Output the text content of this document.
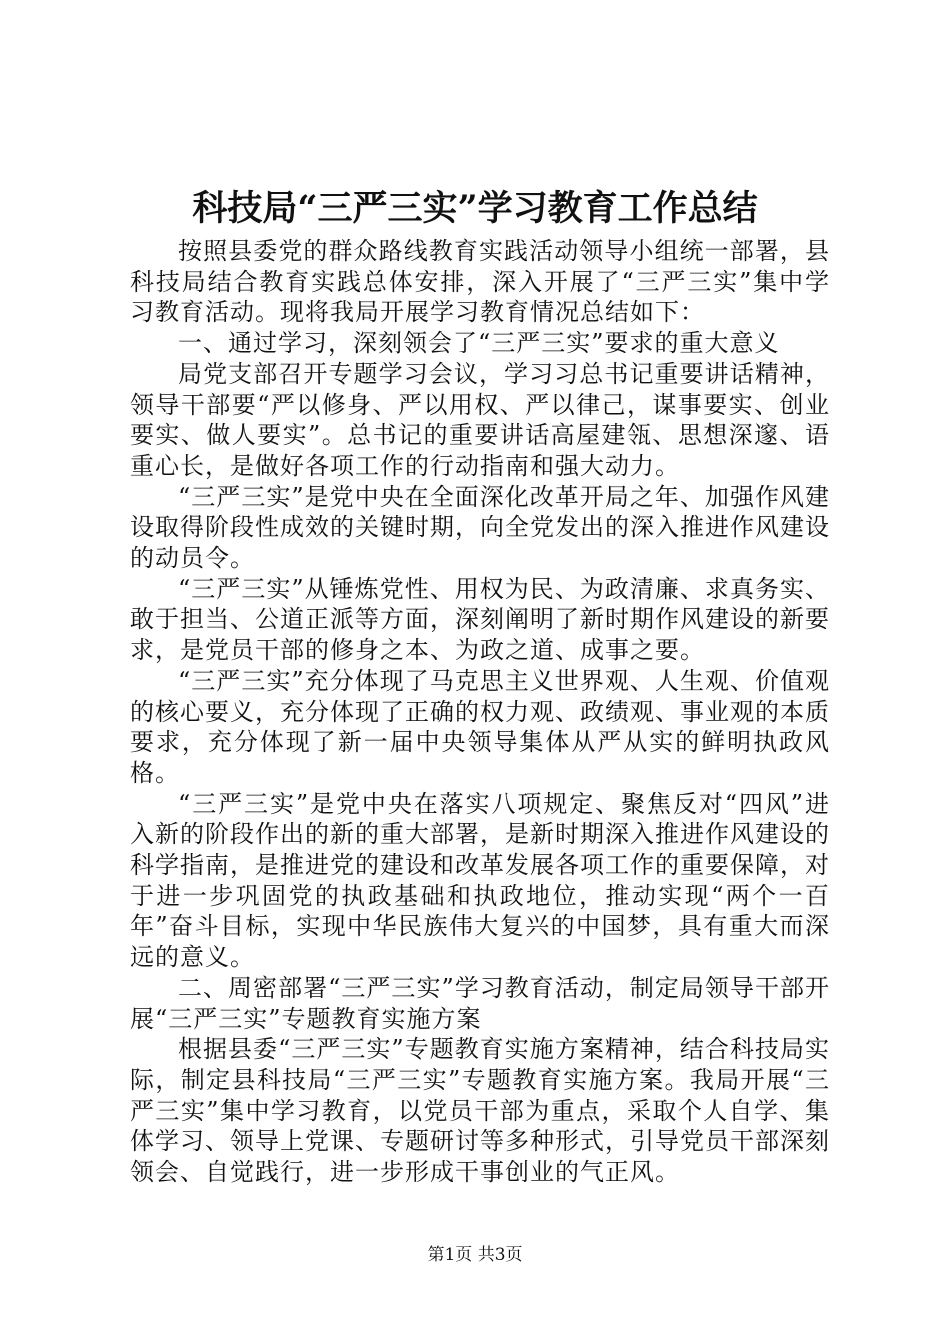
科技局“三严三实”学习教育工作总结

按照县委党的群众路线教育实践活动领导小组统一部署，县科技局结合教育实践总体安排，深入开展了“三严三实”集中学习教育活动。现将我局开展学习教育情况总结如下：

一、通过学习，深刻领会了“三严三实”要求的重大意义

局党支部召开专题学习会议，学习习总书记重要讲话精神，领导干部要“严以修身、严以用权、严以律己，谋事要实、创业要实、做人要实”。总书记的重要讲话高屋建瓴、思想深邃、语重心长，是做好各项工作的行动指南和强大动力。

“三严三实”是党中央在全面深化改革开局之年、加强作风建设取得阶段性成效的关键时期，向全党发出的深入推进作风建设的动员令。

“三严三实”从锤炼党性、用权为民、为政清廉、求真务实、敢于担当、公道正派等方面，深刻阐明了新时期作风建设的新要求，是党员干部的修身之本、为政之道、成事之要。

“三严三实”充分体现了马克思主义世界观、人生观、价值观的核心要义，充分体现了正确的权力观、政绩观、事业观的本质要求，充分体现了新一届中央领导集体从严从实的鲜明执政风格。

“三严三实”是党中央在落实八项规定、聚焦反对“四风”进入新的阶段作出的新的重大部署，是新时期深入推进作风建设的科学指南，是推进党的建设和改革发展各项工作的重要保障，对于进一步巩固党的执政基础和执政地位，推动实现“两个一百年”奋斗目标，实现中华民族伟大复兴的中国梦，具有重大而深远的意义。

二、周密部署“三严三实”学习教育活动，制定局领导干部开展“三严三实”专题教育实施方案

根据县委“三严三实”专题教育实施方案精神，结合科技局实际，制定县科技局“三严三实”专题教育实施方案。我局开展“三严三实”集中学习教育，以党员干部为重点，采取个人自学、集体学习、领导上党课、专题研讨等多种形式，引导党员干部深刻领会、自觉践行，进一步形成干事创业的气正风。

第1页 共3页
